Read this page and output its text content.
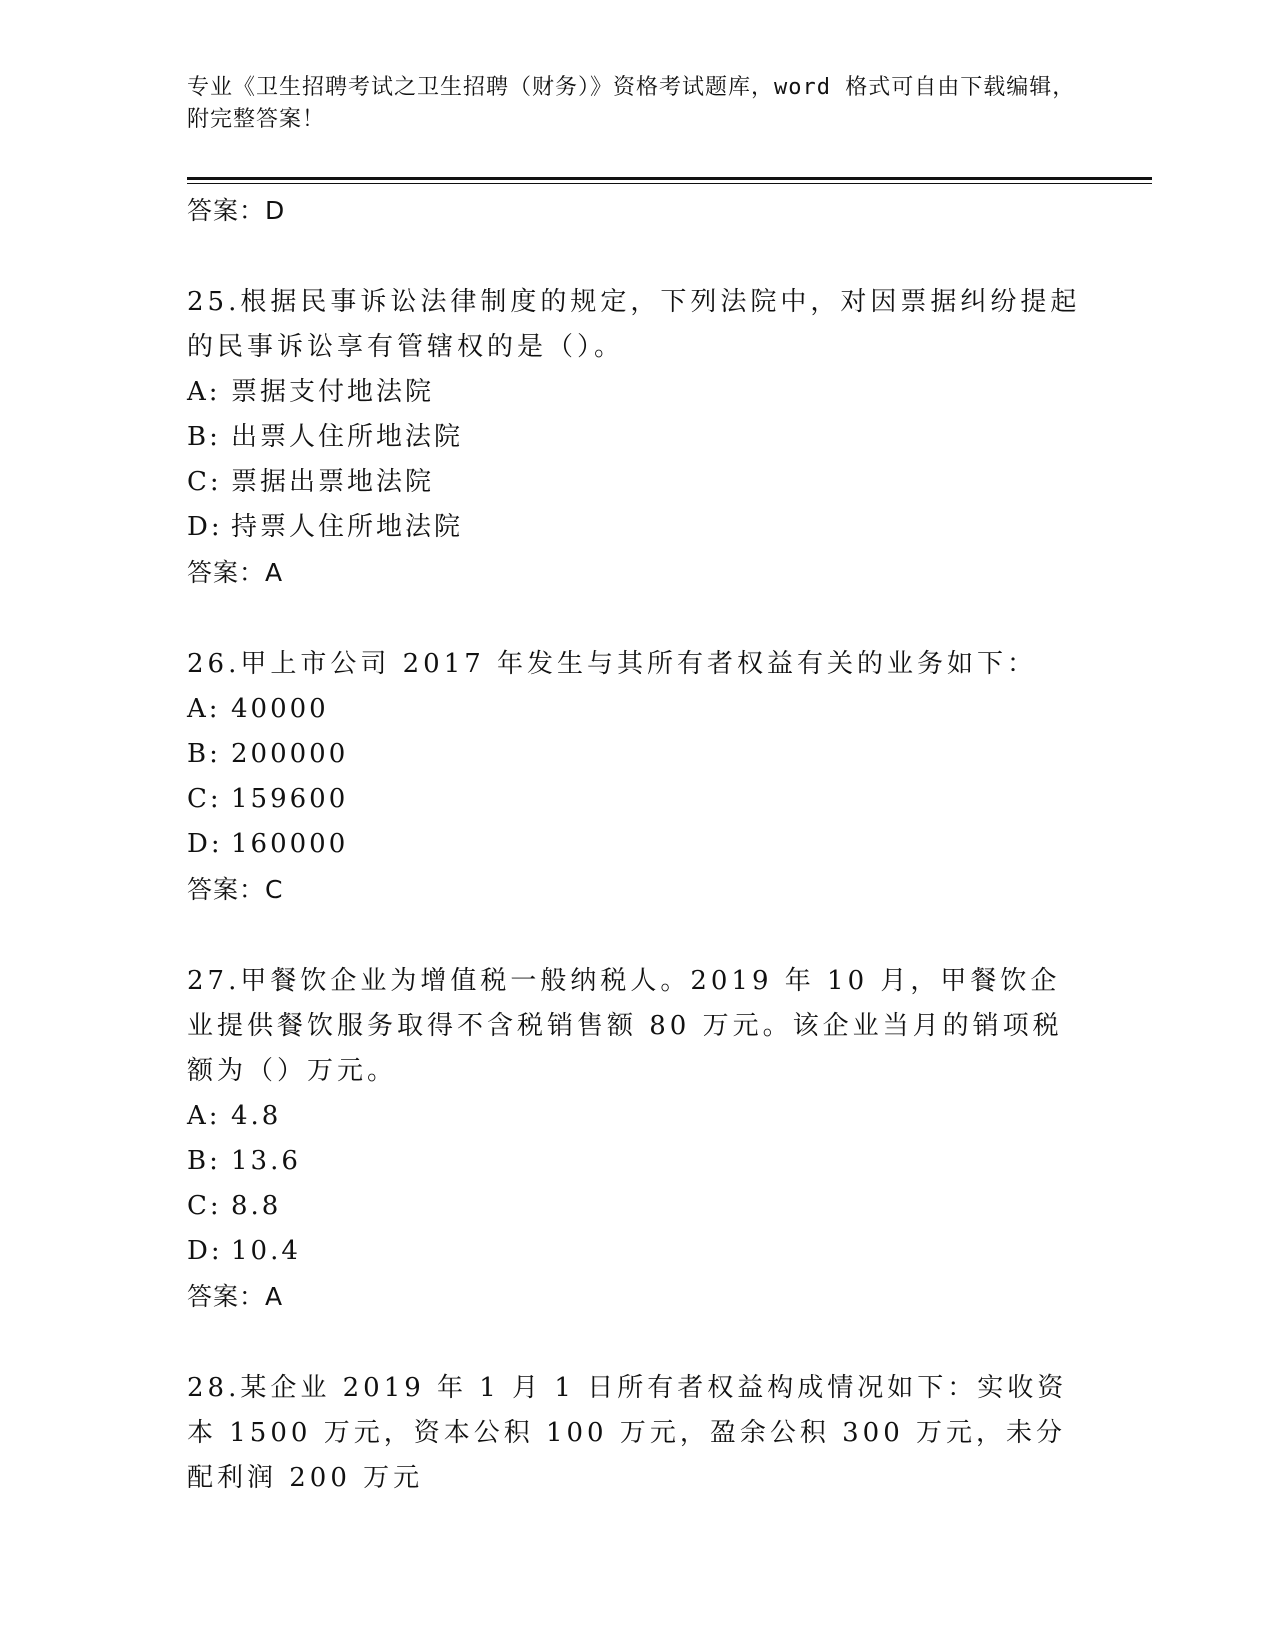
专业《卫生招聘考试之卫生招聘（财务）》资格考试题库，word 格式可自由下载编辑，附完整答案！
答案：D
25.根据民事诉讼法律制度的规定，下列法院中，对因票据纠纷提起的民事诉讼享有管辖权的是（）。
A: 票据支付地法院
B: 出票人住所地法院
C: 票据出票地法院
D: 持票人住所地法院
答案：A
26.甲上市公司 2017 年发生与其所有者权益有关的业务如下：
A: 40000
B: 200000
C: 159600
D: 160000
答案：C
27.甲餐饮企业为增值税一般纳税人。2019 年 10 月，甲餐饮企业提供餐饮服务取得不含税销售额 80 万元。该企业当月的销项税额为（）万元。
A: 4.8
B: 13.6
C: 8.8
D: 10.4
答案：A
28.某企业 2019 年 1 月 1 日所有者权益构成情况如下：实收资本 1500 万元，资本公积 100 万元，盈余公积 300 万元，未分配利润 200 万元
